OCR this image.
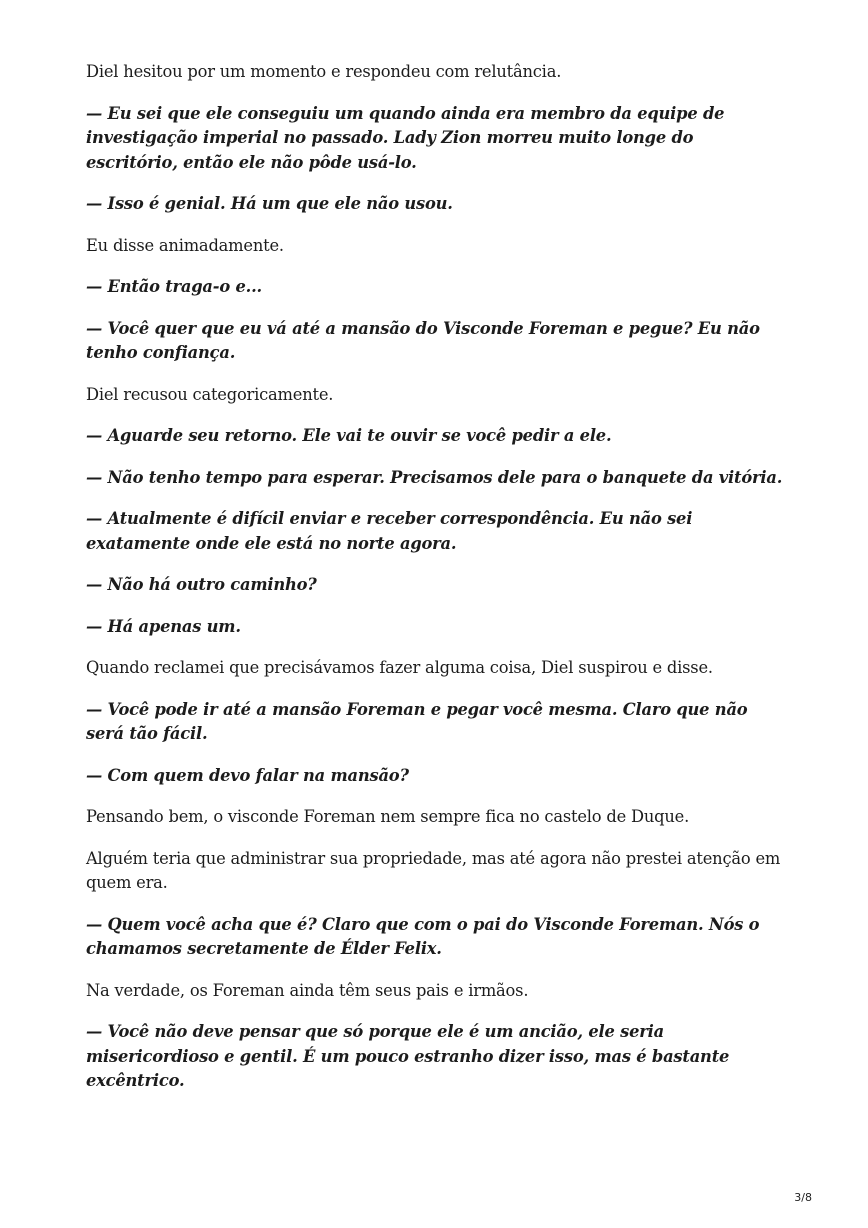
Diel hesitou por um momento e respondeu com relutância.

— Eu sei que ele conseguiu um quando ainda era membro da equipe de investigação imperial no passado. Lady Zion morreu muito longe do escritório, então ele não pôde usá-lo.

— Isso é genial. Há um que ele não usou.

Eu disse animadamente.

— Então traga-o e...

— Você quer que eu vá até a mansão do Visconde Foreman e pegue? Eu não tenho confiança.

Diel recusou categoricamente.

— Aguarde seu retorno. Ele vai te ouvir se você pedir a ele.

— Não tenho tempo para esperar. Precisamos dele para o banquete da vitória.

— Atualmente é difícil enviar e receber correspondência. Eu não sei exatamente onde ele está no norte agora.

— Não há outro caminho?

— Há apenas um.

Quando reclamei que precisávamos fazer alguma coisa, Diel suspirou e disse.

— Você pode ir até a mansão Foreman e pegar você mesma. Claro que não será tão fácil.

— Com quem devo falar na mansão?

Pensando bem, o visconde Foreman nem sempre fica no castelo de Duque.

Alguém teria que administrar sua propriedade, mas até agora não prestei atenção em quem era.

— Quem você acha que é? Claro que com o pai do Visconde Foreman. Nós o chamamos secretamente de Élder Felix.

Na verdade, os Foreman ainda têm seus pais e irmãos.

— Você não deve pensar que só porque ele é um ancião, ele seria misericordioso e gentil. É um pouco estranho dizer isso, mas é bastante excêntrico.

3/8
